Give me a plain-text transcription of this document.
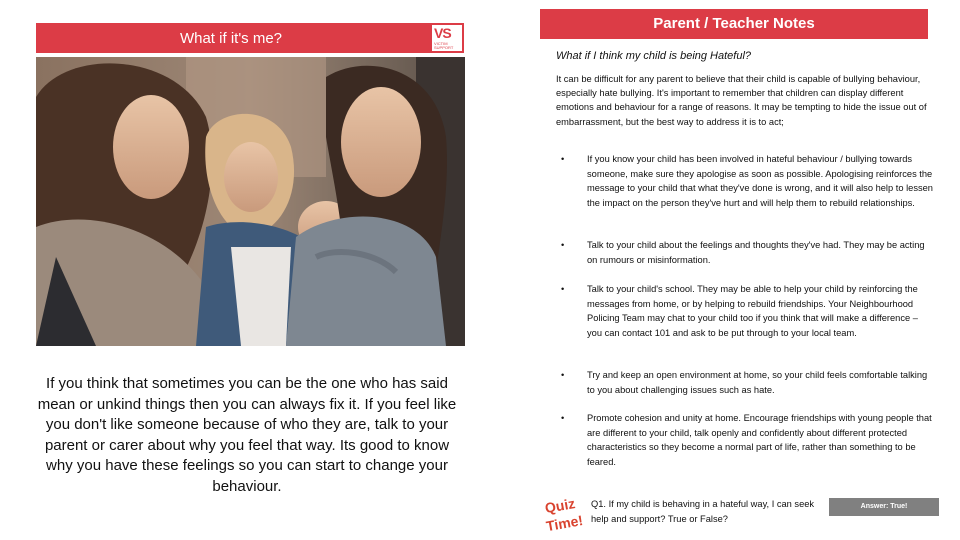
What if it's me?	VS
VICTIM SUPPORT
If you think that sometimes you can be the one who has said mean or unkind things then you can always fix it. If you feel like you don't like someone because of who they are, talk to your parent or carer about why you feel that way. Its good to know why you have these feelings so you can start to change your behaviour.
Parent / Teacher Notes
What if I think my child is being Hateful?
It can be difficult for any parent to believe that their child is capable of bullying behaviour, especially hate bullying. It's important to remember that children can display different emotions and behaviour for a range of reasons. It may be tempting to hide the issue out of embarrassment, but the best way to address it is to act;
• If you know your child has been involved in hateful behaviour / bullying towards someone, make sure they apologise as soon as possible. Apologising reinforces the message to your child that what they've done is wrong, and it will also help to lessen the impact on the person they've hurt and will help them to rebuild relationships.
• Talk to your child about the feelings and thoughts they've had. They may be acting on rumours or misinformation.
• Talk to your child's school. They may be able to help your child by reinforcing the messages from home, or by helping to rebuild friendships. Your Neighbourhood Policing Team may chat to your child too if you think that will make a difference – you can contact 101 and ask to be put through to your local team.
• Try and keep an open environment at home, so your child feels comfortable talking to you about challenging issues such as hate.
• Promote cohesion and unity at home. Encourage friendships with young people that are different to your child, talk openly and confidently about different protected characteristics so they become a normal part of life, rather than something to be feared.
Quiz
Time!
Q1. If my child is behaving in a hateful way, I can seek help and support? True or False?
Answer: True!
